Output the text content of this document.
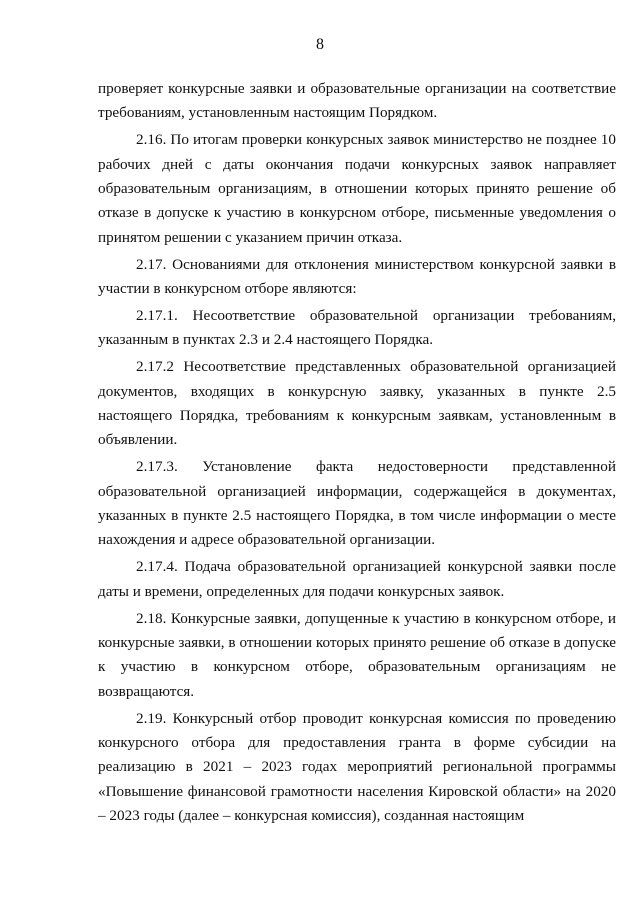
8

проверяет конкурсные заявки и образовательные организации на соответствие требованиям, установленным настоящим Порядком.

2.16. По итогам проверки конкурсных заявок министерство не позднее 10 рабочих дней с даты окончания подачи конкурсных заявок направляет образовательным организациям, в отношении которых принято решение об отказе в допуске к участию в конкурсном отборе, письменные уведомления о принятом решении с указанием причин отказа.

2.17. Основаниями для отклонения министерством конкурсной заявки в участии в конкурсном отборе являются:

2.17.1. Несоответствие образовательной организации требованиям, указанным в пунктах 2.3 и 2.4 настоящего Порядка.

2.17.2 Несоответствие представленных образовательной организацией документов, входящих в конкурсную заявку, указанных в пункте 2.5 настоящего Порядка, требованиям к конкурсным заявкам, установленным в объявлении.

2.17.3. Установление факта недостоверности представленной образовательной организацией информации, содержащейся в документах, указанных в пункте 2.5 настоящего Порядка, в том числе информации о месте нахождения и адресе образовательной организации.

2.17.4. Подача образовательной организацией конкурсной заявки после даты и времени, определенных для подачи конкурсных заявок.

2.18. Конкурсные заявки, допущенные к участию в конкурсном отборе, и конкурсные заявки, в отношении которых принято решение об отказе в допуске к участию в конкурсном отборе, образовательным организациям не возвращаются.

2.19. Конкурсный отбор проводит конкурсная комиссия по проведению конкурсного отбора для предоставления гранта в форме субсидии на реализацию в 2021 – 2023 годах мероприятий региональной программы «Повышение финансовой грамотности населения Кировской области» на 2020 – 2023 годы (далее – конкурсная комиссия), созданная настоящим
